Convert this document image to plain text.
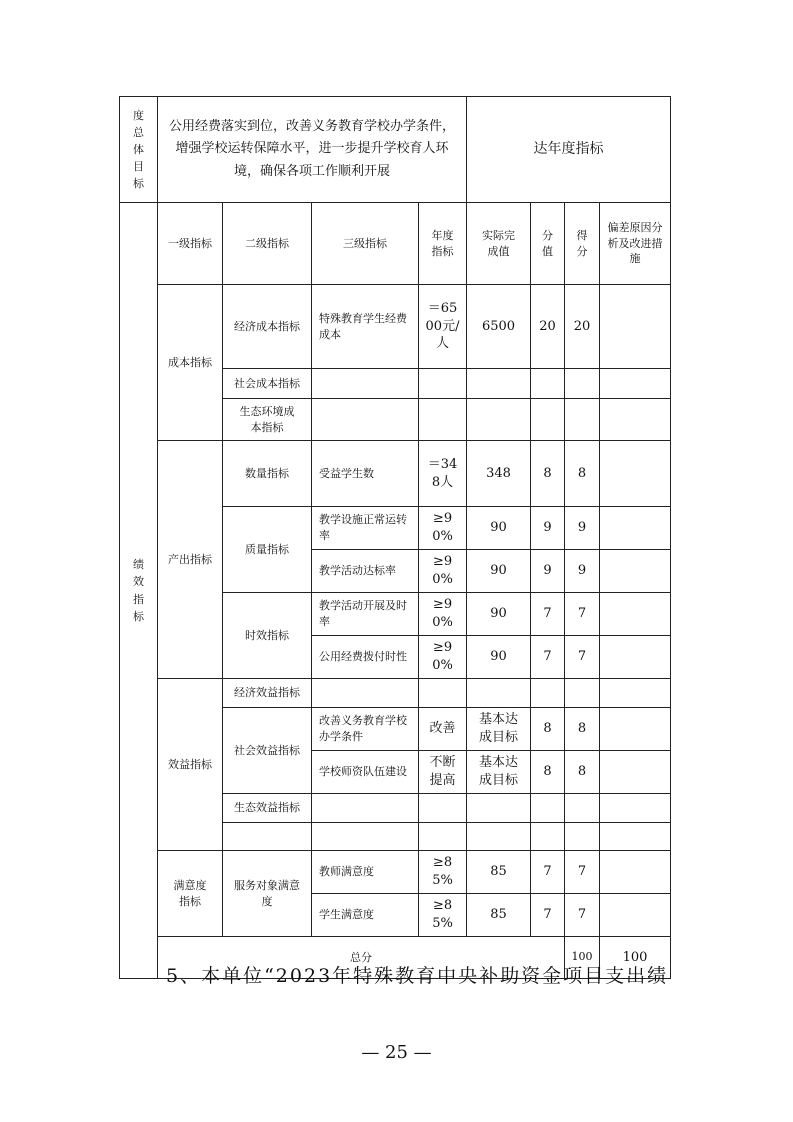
度总体目标	公用经费落实到位，改善义务教育学校办学条件，增强学校运转保障水平，进一步提升学校育人环境，确保各项工作顺利开展				达年度指标				
绩效指标	一级指标	二级指标	三级指标	年度指标	实际完成值	分值	得分	偏差原因分析及改进措施	
	成本指标	经济成本指标	特殊教育学生经费成本	＝6500元/人	6500	20	20		
		社会成本指标							
		生态环境成本指标							
	产出指标	数量指标	受益学生数	＝348人	348	8	8		
		质量指标	教学设施正常运转率	≥90%	90	9	9		
			教学活动达标率	≥90%	90	9	9		
		时效指标	教学活动开展及时率	≥90%	90	7	7		
			公用经费拨付时性	≥90%	90	7	7		
	效益指标	经济效益指标							
		社会效益指标	改善义务教育学校办学条件	改善	基本达成目标	8	8		
			学校师资队伍建设	不断提高	基本达成目标	8	8		
		生态效益指标							

	满意度指标	服务对象满意度	教师满意度	≥85%	85	7	7		
			学生满意度	≥85%	85	7	7		
	总分						100	100	
5、本单位“2023年特殊教育中央补助资金项目支出绩
— 25 —
